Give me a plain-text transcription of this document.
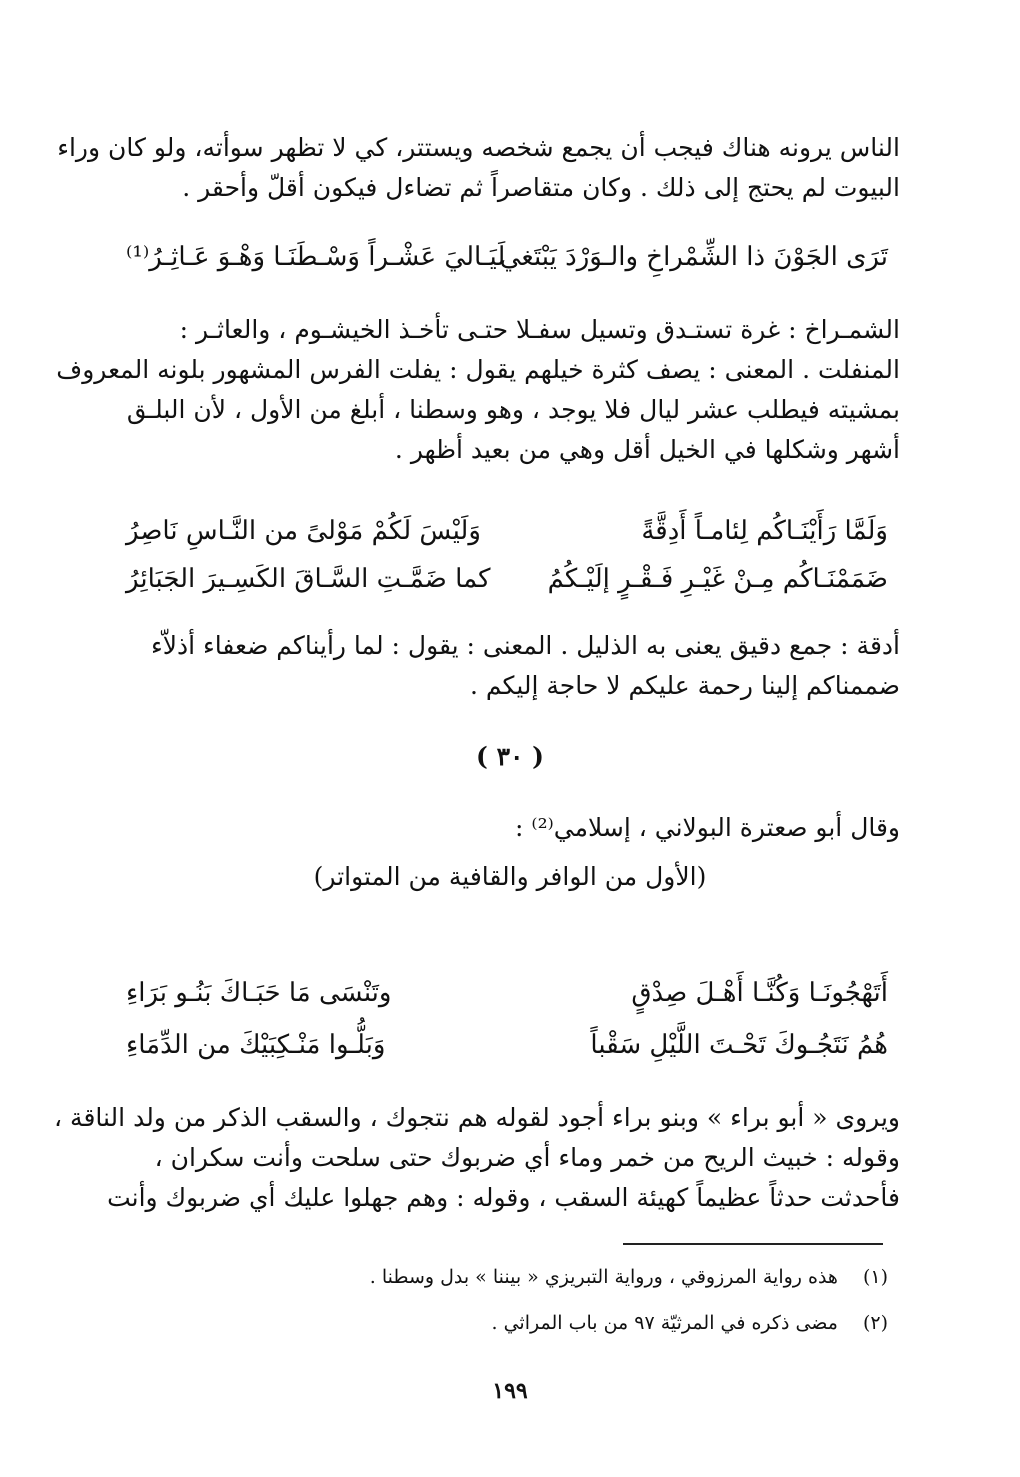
الناس يرونه هناك فيجب أن يجمع شخصه ويستتر، كي لا تظهر سوأته، ولو كان وراء
البيوت لم يحتج إلى ذلك . وكان متقاصراً ثم تضاءل فيكون أقلّ وأحقر .
تَرَى الجَوْنَ ذا الشِّمْراخِ والـوَرْدَ يَبْتَغي
لَيَـاليَ عَشْـراً وَسْـطَنَـا وَهْـوَ عَـاثِـرُ⁽¹⁾
الشمـراخ : غرة تستـدق وتسيل سفـلا حتـى تأخـذ الخيشـوم ، والعاثـر :
المنفلت . المعنى : يصف كثرة خيلهم يقول : يفلت الفرس المشهور بلونه المعروف
بمشيته فيطلب عشر ليال فلا يوجد ، وهو وسطنا ، أبلغ من الأول ، لأن البلـق
أشهر وشكلها في الخيل أقل وهي من بعيد أظهر .
وَلَمَّا رَأَيْنَـاكُم لِئامـاً أَدِقَّةً
وَلَيْسَ لَكُمْ مَوْلىً من النَّـاسِ نَاصِرُ
ضَمَمْنَـاكُم مِـنْ غَيْـرِ فَـقْـرٍ إلَيْـكُمُ
كما ضَمَّـتِ السَّـاقَ الكَسِـيرَ الجَبَائِرُ
أدقة : جمع دقيق يعنى به الذليل . المعنى : يقول : لما رأيناكم ضعفاء أذلاّء
ضممناكم إلينا رحمة عليكم لا حاجة إليكم .
( ٣٠ )
وقال أبو صعترة البولاني ، إسلامي⁽²⁾ :
(الأول من الوافر والقافية من المتواتر)
أَتَهْجُونَـا وَكُنَّـا أَهْـلَ صِدْقٍ
وتَنْسَى مَا حَبَـاكَ بَنُـو بَرَاءِ
هُمُ نَتَجُـوكَ تَحْـتَ اللَّيْلِ سَقْباً
وَبَلُّـوا مَنْـكِبَيْكَ من الدِّمَاءِ
ويروى « أبو براء » وبنو براء أجود لقوله هم نتجوك ، والسقب الذكر من ولد الناقة ،
وقوله : خبيث الريح من خمر وماء أي ضربوك حتى سلحت وأنت سكران ،
فأحدثت حدثاً عظيماً كهيئة السقب ، وقوله : وهم جهلوا عليك أي ضربوك وأنت
(١) هذه رواية المرزوقي ، ورواية التبريزي « بيننا » بدل وسطنا .
(٢) مضى ذكره في المرثيّة ٩٧ من باب المراثي .
١٩٩
